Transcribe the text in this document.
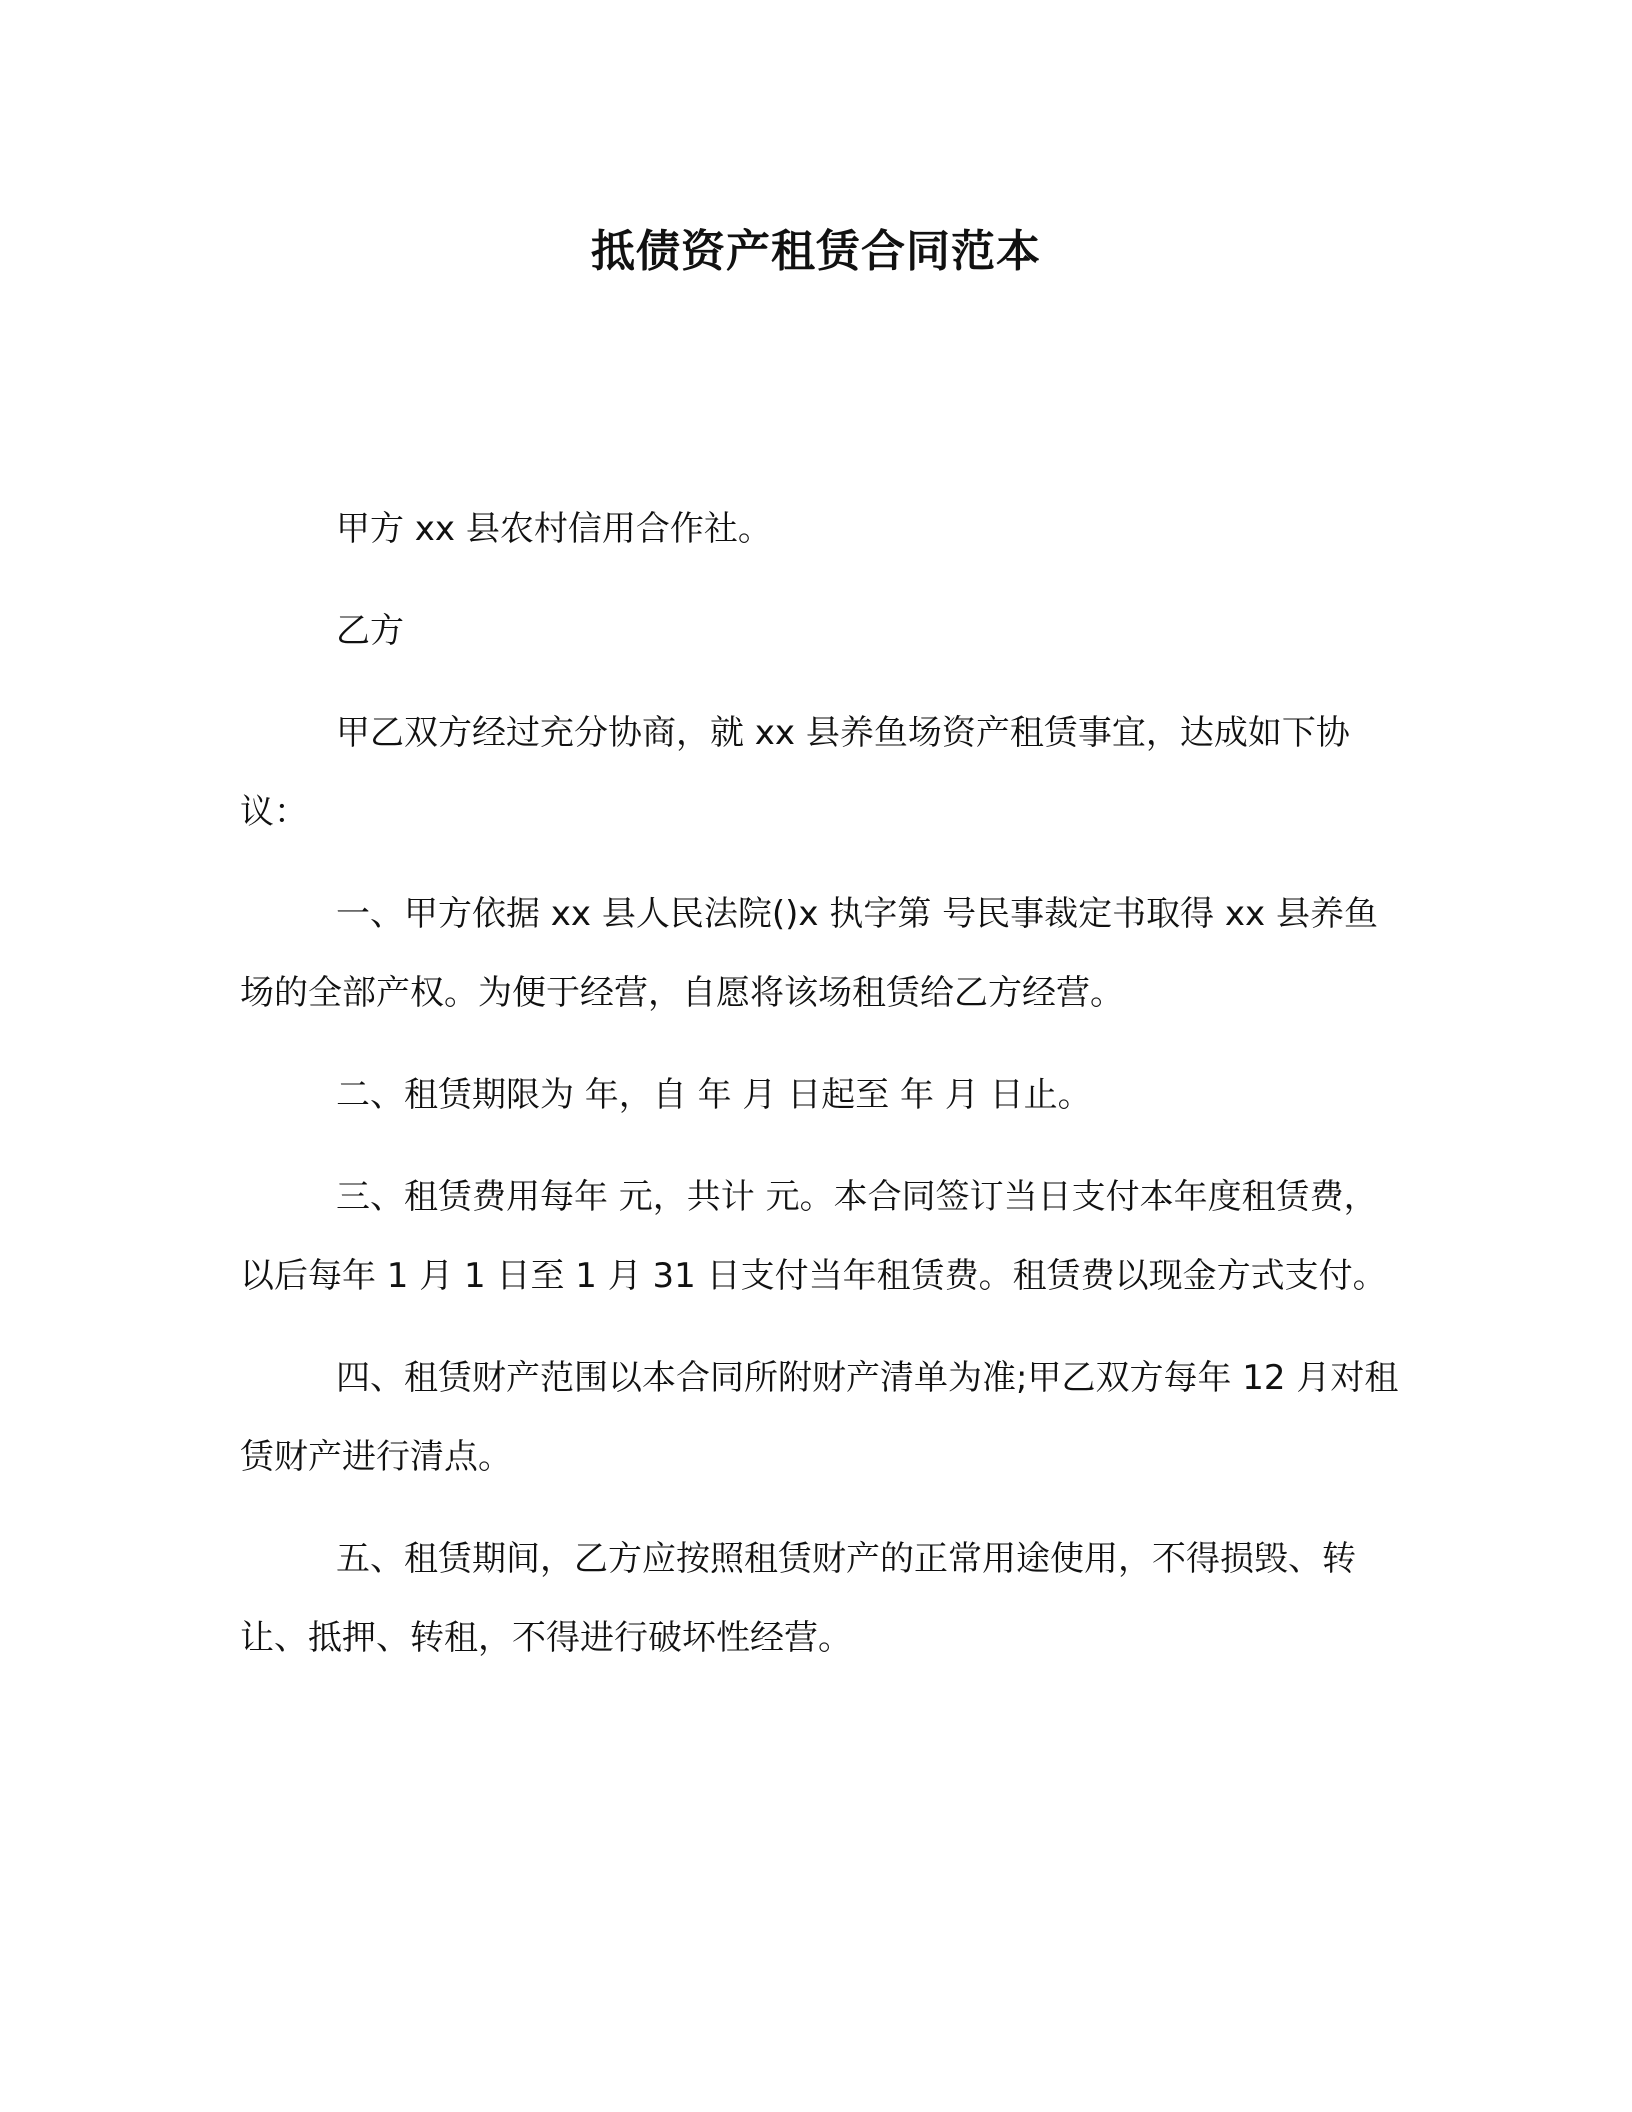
抵债资产租赁合同范本

甲方 xx 县农村信用合作社。

乙方

甲乙双方经过充分协商，就 xx 县养鱼场资产租赁事宜，达成如下协议：

一、甲方依据 xx 县人民法院()x 执字第 号民事裁定书取得 xx 县养鱼场的全部产权。为便于经营，自愿将该场租赁给乙方经营。

二、租赁期限为 年，自 年 月 日起至 年 月 日止。

三、租赁费用每年 元，共计 元。本合同签订当日支付本年度租赁费，以后每年 1 月 1 日至 1 月 31 日支付当年租赁费。租赁费以现金方式支付。

四、租赁财产范围以本合同所附财产清单为准;甲乙双方每年 12 月对租赁财产进行清点。

五、租赁期间，乙方应按照租赁财产的正常用途使用，不得损毁、转让、抵押、转租，不得进行破坏性经营。
